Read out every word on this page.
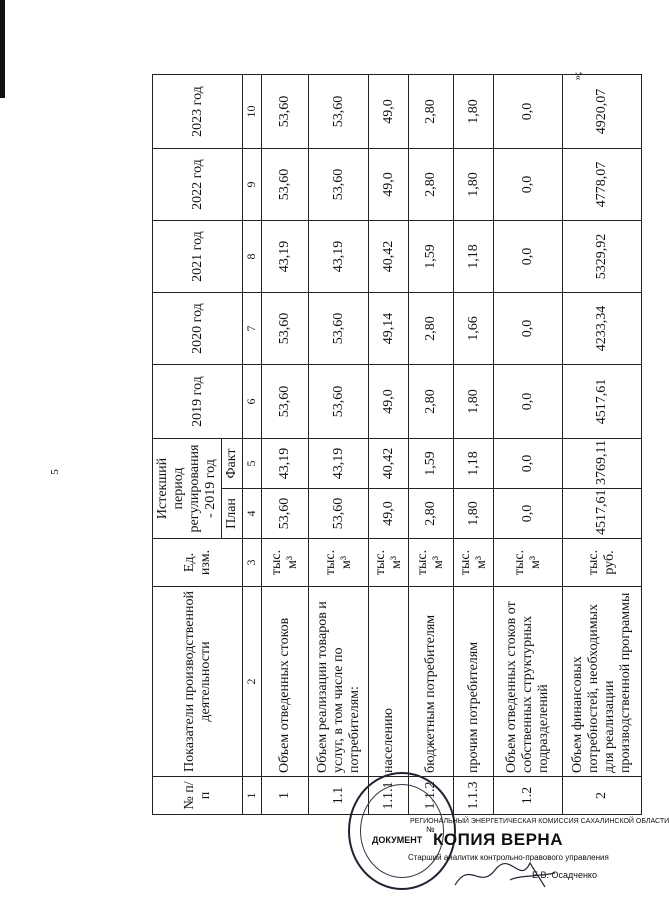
5
»;
№ п/п	Показатели производственной деятельности	Ед. изм.	Истекший период регулирования - 2019 год		2019 год	2020 год	2021 год	2022 год	2023 год
			План	Факт					
1	2	3	4	5	6	7	8	9	10
1	Объем отведенных стоков	тыс. м³	53,60	43,19	53,60	53,60	43,19	53,60	53,60
1.1	Объем реализации товаров и услуг, в том числе по потребителям:	тыс. м³	53,60	43,19	53,60	53,60	43,19	53,60	53,60
1.1.1	населению	тыс. м³	49,0	40,42	49,0	49,14	40,42	49,0	49,0
1.1.2	бюджетным потребителям	тыс. м³	2,80	1,59	2,80	2,80	1,59	2,80	2,80
1.1.3	прочим потребителям	тыс. м³	1,80	1,18	1,80	1,66	1,18	1,80	1,80
1.2	Объем отведенных стоков от собственных структурных подразделений	тыс. м³	0,0	0,0	0,0	0,0	0,0	0,0	0,0
2	Объем финансовых потребностей, необходимых для реализации производственной программы	тыс. руб.	4517,61	3769,11	4517,61	4233,34	5329,92	4778,07	4920,07
РЕГИОНАЛЬНЫЙ ЭНЕРГЕТИЧЕСКАЯ КОМИССИЯ САХАЛИНСКОЙ ОБЛАСТИ
ДОКУМЕНТ
№
КОПИЯ ВЕРНА
Старший аналитик контрольно-правового управления
Е.В. Осадченко
